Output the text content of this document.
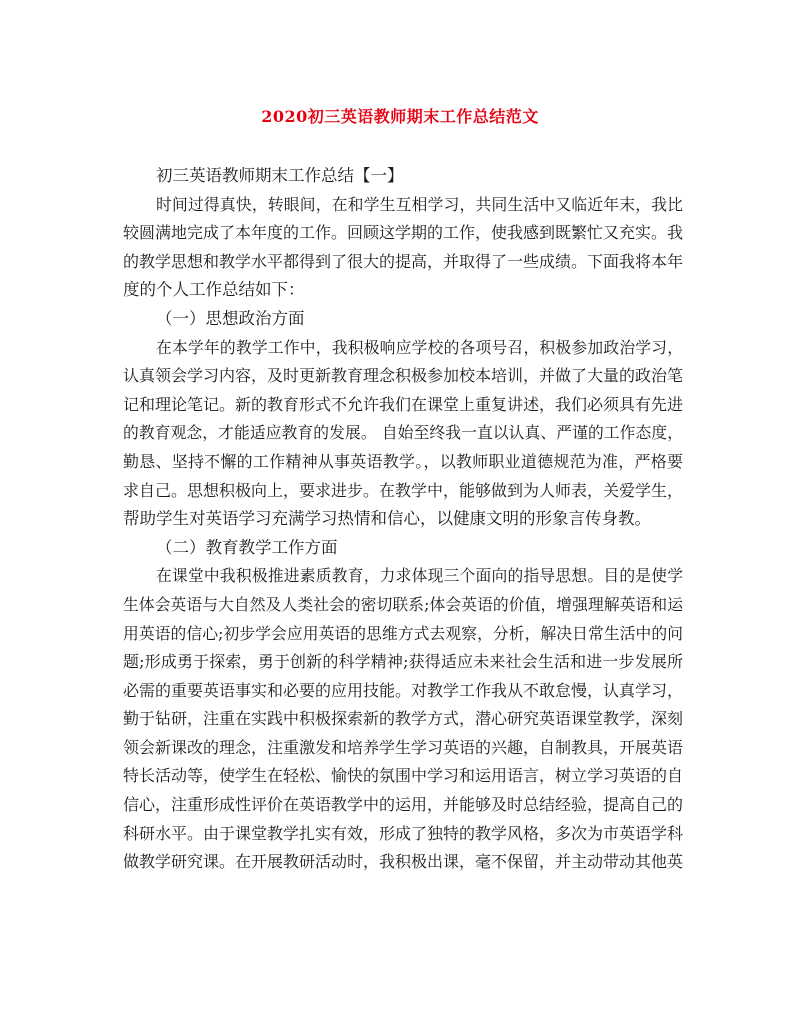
2020初三英语教师期末工作总结范文
初三英语教师期末工作总结【一】
时间过得真快，转眼间，在和学生互相学习，共同生活中又临近年末，我比
较圆满地完成了本年度的工作。回顾这学期的工作，使我感到既繁忙又充实。我
的教学思想和教学水平都得到了很大的提高，并取得了一些成绩。下面我将本年
度的个人工作总结如下：
（一）思想政治方面
在本学年的教学工作中，我积极响应学校的各项号召，积极参加政治学习，
认真领会学习内容，及时更新教育理念积极参加校本培训，并做了大量的政治笔
记和理论笔记。新的教育形式不允许我们在课堂上重复讲述，我们必须具有先进
的教育观念，才能适应教育的发展。 自始至终我一直以认真、严谨的工作态度，
勤恳、坚持不懈的工作精神从事英语教学。，以教师职业道德规范为准，严格要
求自己。思想积极向上，要求进步。在教学中，能够做到为人师表，关爱学生，
帮助学生对英语学习充满学习热情和信心，以健康文明的形象言传身教。
（二）教育教学工作方面
在课堂中我积极推进素质教育，力求体现三个面向的指导思想。目的是使学
生体会英语与大自然及人类社会的密切联系;体会英语的价值，增强理解英语和运
用英语的信心;初步学会应用英语的思维方式去观察，分析，解决日常生活中的问
题;形成勇于探索，勇于创新的科学精神;获得适应未来社会生活和进一步发展所
必需的重要英语事实和必要的应用技能。对教学工作我从不敢怠慢，认真学习，
勤于钻研，注重在实践中积极探索新的教学方式，潜心研究英语课堂教学，深刻
领会新课改的理念，注重激发和培养学生学习英语的兴趣，自制教具，开展英语
特长活动等，使学生在轻松、愉快的氛围中学习和运用语言，树立学习英语的自
信心，注重形成性评价在英语教学中的运用，并能够及时总结经验，提高自己的
科研水平。由于课堂教学扎实有效，形成了独特的教学风格，多次为市英语学科
做教学研究课。在开展教研活动时，我积极出课，毫不保留，并主动带动其他英
